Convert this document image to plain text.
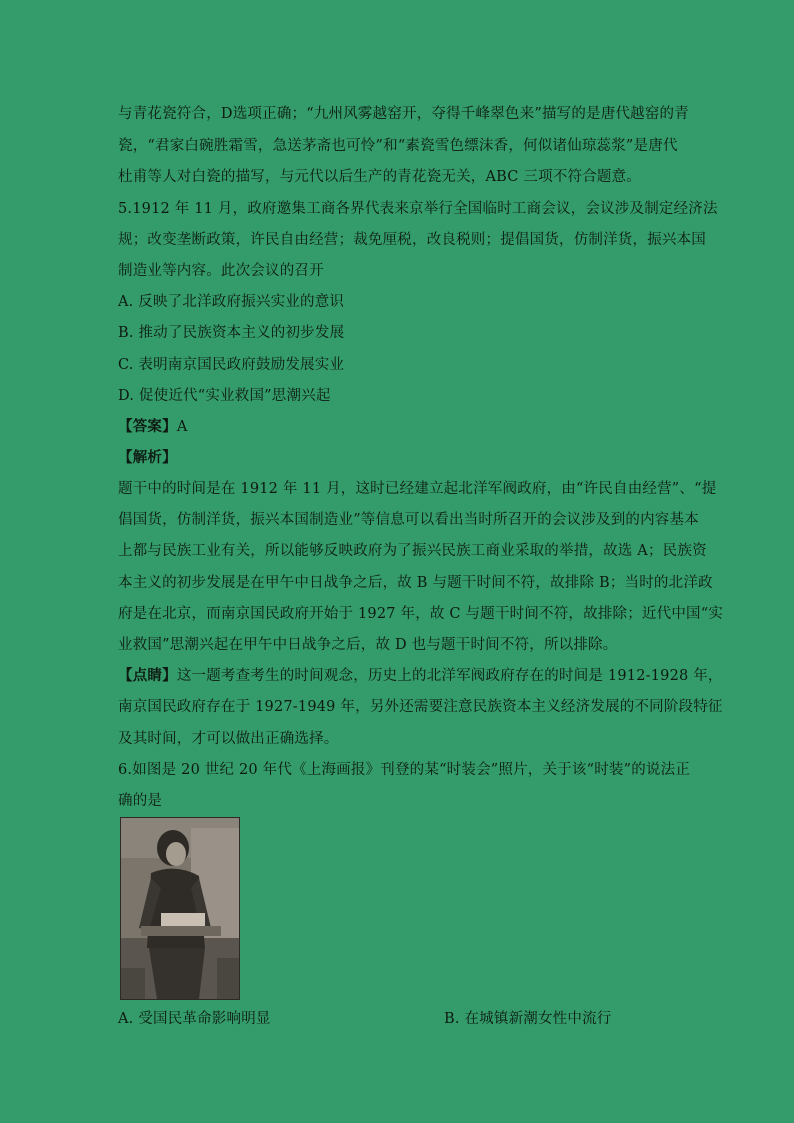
与青花瓷符合，D选项正确；“九州风雾越窑开，夺得千峰翠色来”描写的是唐代越窑的青
瓷，“君家白碗胜霜雪，急送茅斋也可怜”和“素瓷雪色缥沫香，何似诸仙琼蕊浆”是唐代
杜甫等人对白瓷的描写，与元代以后生产的青花瓷无关，ABC 三项不符合题意。
5.1912 年 11 月，政府邀集工商各界代表来京举行全国临时工商会议，会议涉及制定经济法
规；改变垄断政策，许民自由经营；裁免厘税，改良税则；提倡国货，仿制洋货，振兴本国
制造业等内容。此次会议的召开
A. 反映了北洋政府振兴实业的意识
B. 推动了民族资本主义的初步发展
C. 表明南京国民政府鼓励发展实业
D. 促使近代“实业救国”思潮兴起
【答案】A
【解析】
题干中的时间是在 1912 年 11 月，这时已经建立起北洋军阀政府，由“许民自由经营”、“提
倡国货，仿制洋货，振兴本国制造业”等信息可以看出当时所召开的会议涉及到的内容基本
上都与民族工业有关，所以能够反映政府为了振兴民族工商业采取的举措，故选 A；民族资
本主义的初步发展是在甲午中日战争之后，故 B 与题干时间不符，故排除 B；当时的北洋政
府是在北京，而南京国民政府开始于 1927 年，故 C 与题干时间不符，故排除；近代中国“实
业救国”思潮兴起在甲午中日战争之后，故 D 也与题干时间不符，所以排除。
【点睛】这一题考查考生的时间观念，历史上的北洋军阀政府存在的时间是 1912-1928 年，
南京国民政府存在于 1927-1949 年，另外还需要注意民族资本主义经济发展的不同阶段特征
及其时间，才可以做出正确选择。
6.如图是 20 世纪 20 年代《上海画报》刊登的某“时装会”照片，关于该“时装”的说法正
确的是
A. 受国民革命影响明显	B. 在城镇新潮女性中流行
